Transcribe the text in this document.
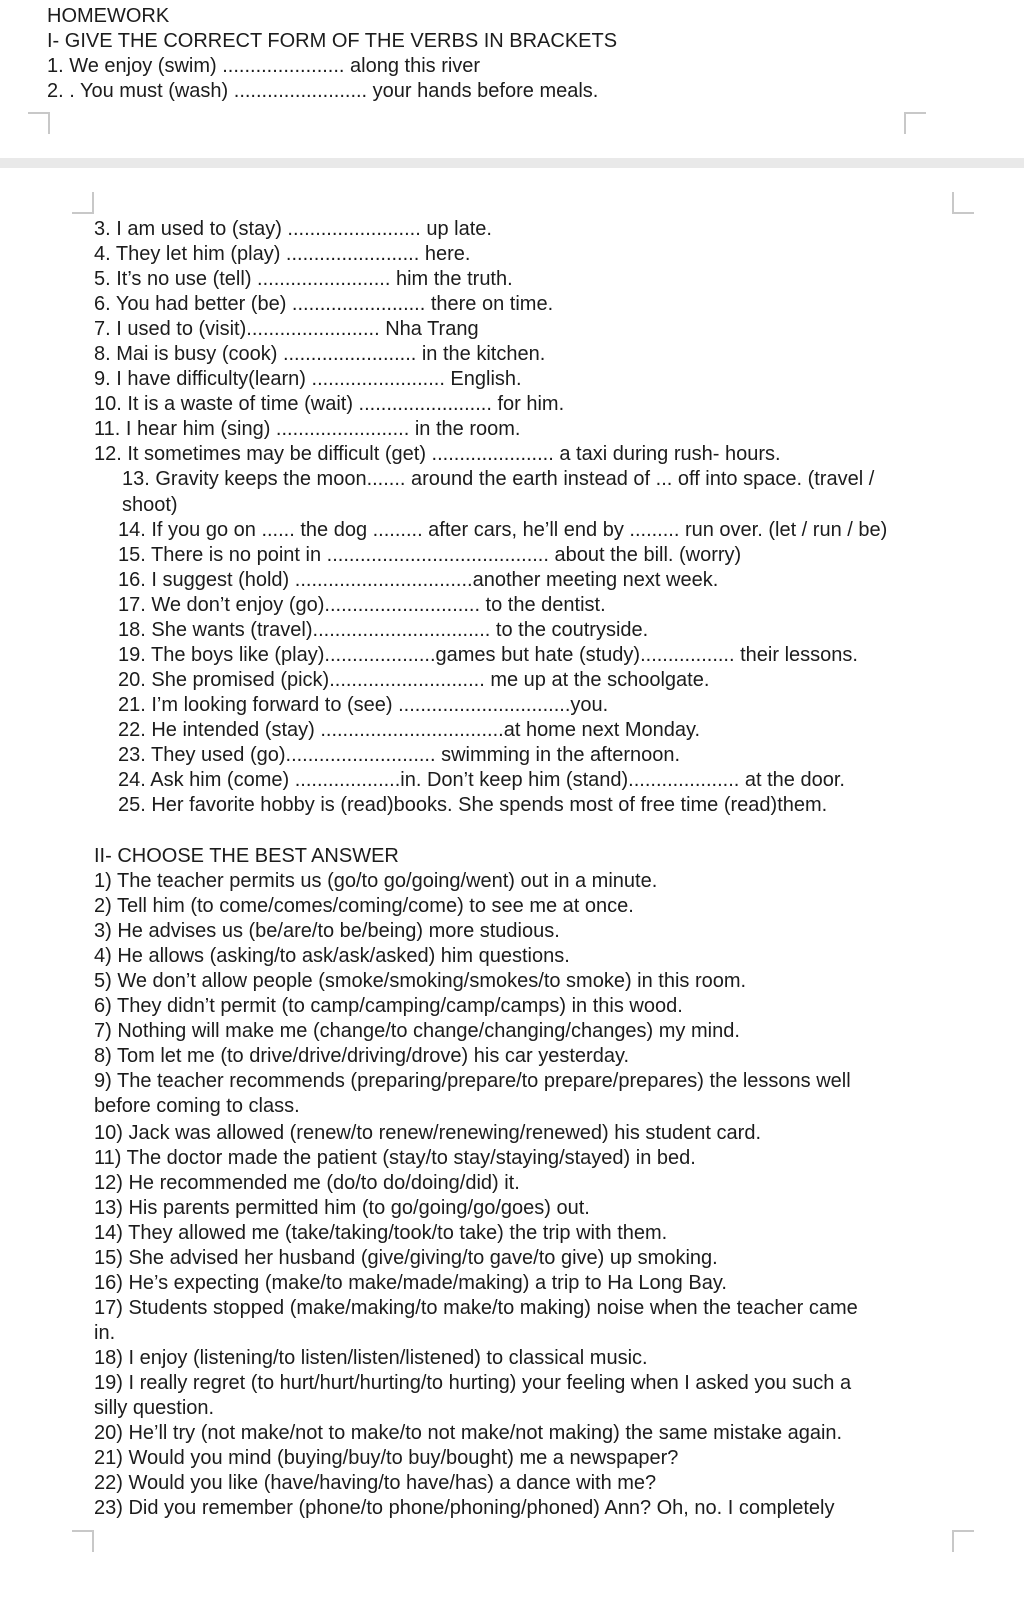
HOMEWORK
I- GIVE THE CORRECT FORM OF THE VERBS IN BRACKETS
1. We enjoy (swim) ...................... along this river
2. . You must (wash) ........................ your hands before meals.
3. I am used to (stay) ........................ up late.
4. They let him (play) ........................ here.
5. It’s no use (tell) ........................ him the truth.
6. You had better (be) ........................ there on time.
7. I used to (visit)........................ Nha Trang
8. Mai is busy (cook) ........................ in the kitchen.
9. I have difficulty(learn) ........................ English.
10. It is a waste of time (wait) ........................ for him.
11. I hear him (sing) ........................ in the room.
12. It sometimes may be difficult (get) ...................... a taxi during rush- hours.
13. Gravity keeps the moon....... around the earth instead of ... off into space. (travel /
shoot)
14. If you go on ...... the dog ......... after cars, he’ll end by ......... run over. (let / run / be)
15. There is no point in ........................................ about the bill. (worry)
16. I suggest (hold) ................................another meeting next week.
17. We don’t enjoy (go)............................ to the dentist.
18. She wants (travel)................................ to the coutryside.
19. The boys like (play)....................games but hate (study)................. their lessons.
20. She promised (pick)............................ me up at the schoolgate.
21. I’m looking forward to (see) ...............................you.
22. He intended (stay) .................................at home next Monday.
23. They used (go)........................... swimming in the afternoon.
24. Ask him (come) ...................in. Don’t keep him (stand).................... at the door.
25. Her favorite hobby is (read)books. She spends most of free time (read)them.
II- CHOOSE THE BEST ANSWER
1) The teacher permits us (go/to go/going/went) out in a minute.
2) Tell him (to come/comes/coming/come) to see me at once.
3) He advises us (be/are/to be/being) more studious.
4) He allows (asking/to ask/ask/asked) him questions.
5) We don’t allow people (smoke/smoking/smokes/to smoke) in this room.
6) They didn’t permit (to camp/camping/camp/camps) in this wood.
7) Nothing will make me (change/to change/changing/changes) my mind.
8) Tom let me (to drive/drive/driving/drove) his car yesterday.
9) The teacher recommends (preparing/prepare/to prepare/prepares) the lessons well
before coming to class.
10) Jack was allowed (renew/to renew/renewing/renewed) his student card.
11) The doctor made the patient (stay/to stay/staying/stayed) in bed.
12) He recommended me (do/to do/doing/did) it.
13) His parents permitted him (to go/going/go/goes) out.
14) They allowed me (take/taking/took/to take) the trip with them.
15) She advised her husband (give/giving/to gave/to give) up smoking.
16) He’s expecting (make/to make/made/making) a trip to Ha Long Bay.
17) Students stopped (make/making/to make/to making) noise when the teacher came
in.
18) I enjoy (listening/to listen/listen/listened) to classical music.
19) I really regret (to hurt/hurt/hurting/to hurting) your feeling when I asked you such a
silly question.
20) He’ll try (not make/not to make/to not make/not making) the same mistake again.
21) Would you mind (buying/buy/to buy/bought) me a newspaper?
22) Would you like (have/having/to have/has) a dance with me?
23) Did you remember (phone/to phone/phoning/phoned) Ann? Oh, no. I completely
